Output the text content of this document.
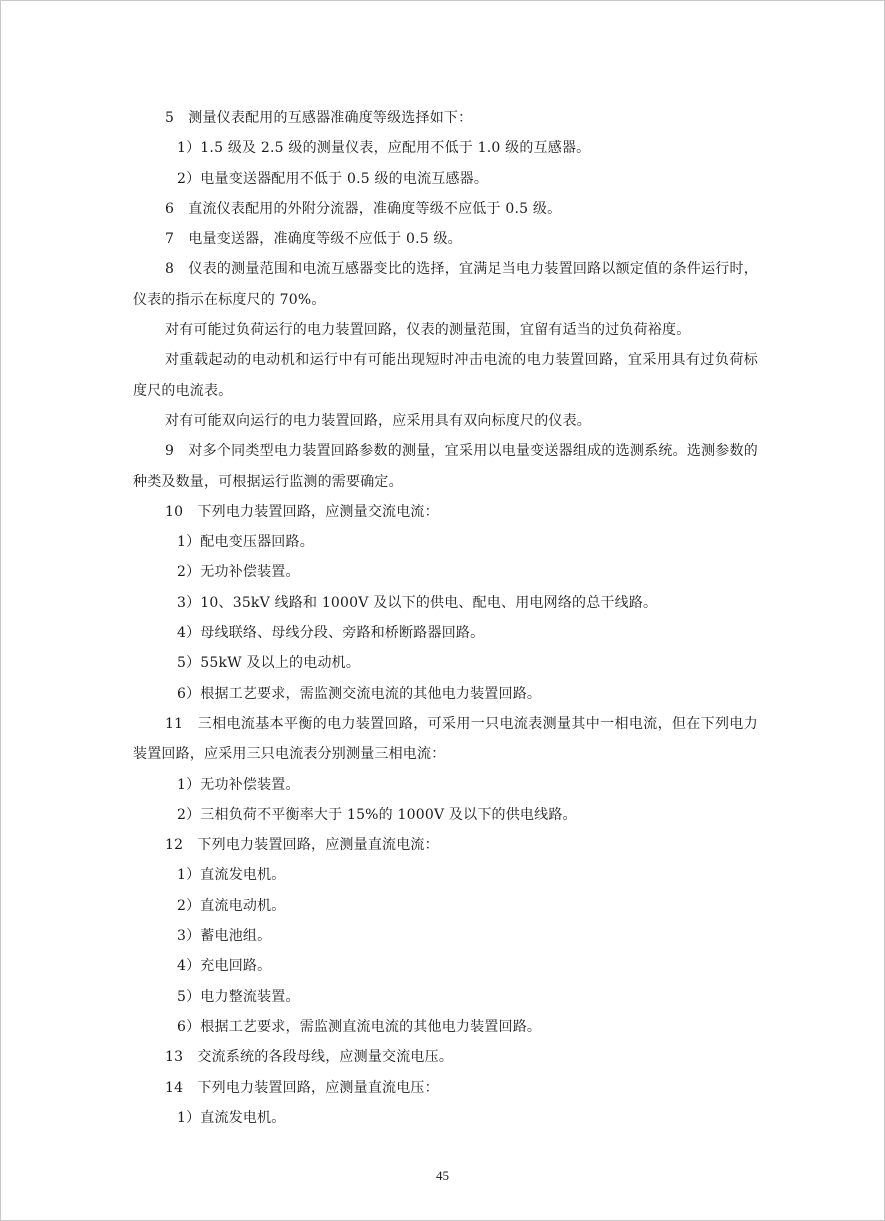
5　测量仪表配用的互感器准确度等级选择如下：

1）1.5 级及 2.5 级的测量仪表，应配用不低于 1.0 级的互感器。

2）电量变送器配用不低于 0.5 级的电流互感器。

6　直流仪表配用的外附分流器，准确度等级不应低于 0.5 级。

7　电量变送器，准确度等级不应低于 0.5 级。

8　仪表的测量范围和电流互感器变比的选择，宜满足当电力装置回路以额定值的条件运行时，仪表的指示在标度尺的 70%。

对有可能过负荷运行的电力装置回路，仪表的测量范围，宜留有适当的过负荷裕度。

对重载起动的电动机和运行中有可能出现短时冲击电流的电力装置回路，宜采用具有过负荷标度尺的电流表。

对有可能双向运行的电力装置回路，应采用具有双向标度尺的仪表。

9　对多个同类型电力装置回路参数的测量，宜采用以电量变送器组成的选测系统。选测参数的种类及数量，可根据运行监测的需要确定。

10　下列电力装置回路，应测量交流电流：

1）配电变压器回路。

2）无功补偿装置。

3）10、35kV 线路和 1000V 及以下的供电、配电、用电网络的总干线路。

4）母线联络、母线分段、旁路和桥断路器回路。

5）55kW 及以上的电动机。

6）根据工艺要求，需监测交流电流的其他电力装置回路。

11　三相电流基本平衡的电力装置回路，可采用一只电流表测量其中一相电流，但在下列电力装置回路，应采用三只电流表分别测量三相电流：

1）无功补偿装置。

2）三相负荷不平衡率大于 15%的 1000V 及以下的供电线路。

12　下列电力装置回路，应测量直流电流：

1）直流发电机。

2）直流电动机。

3）蓄电池组。

4）充电回路。

5）电力整流装置。

6）根据工艺要求，需监测直流电流的其他电力装置回路。

13　交流系统的各段母线，应测量交流电压。

14　下列电力装置回路，应测量直流电压：

1）直流发电机。

45
